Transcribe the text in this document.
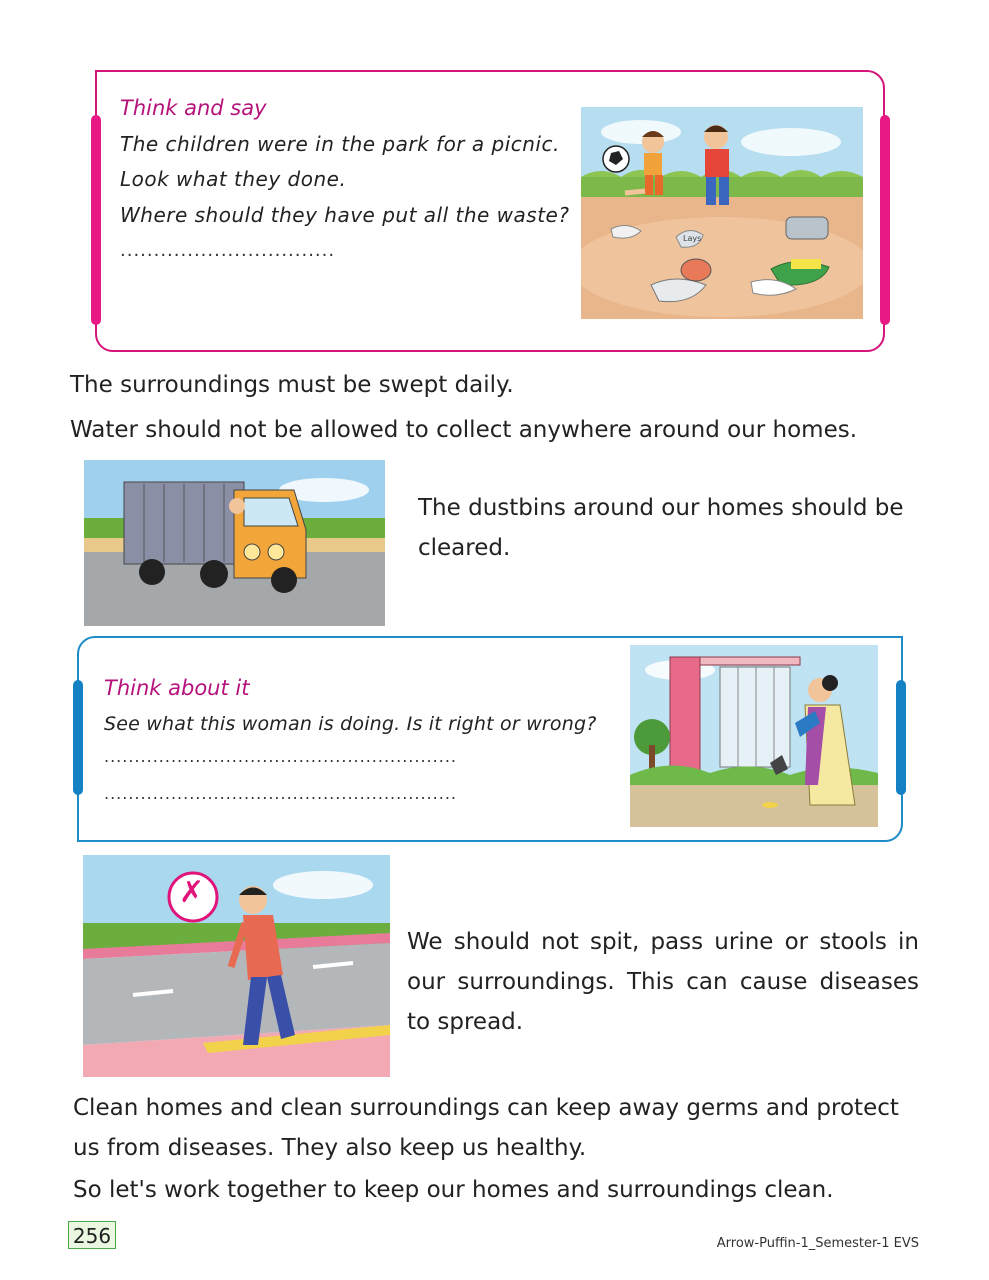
Think and say
The children were in the park for a picnic.
Look what they done.
Where should they have put all the waste?
................................
Lays
The surroundings must be swept daily.
Water should not be allowed to collect anywhere around our homes.
The dustbins around our homes should be cleared.
Think about it
See what this woman is doing. Is it right or wrong?
..........................................................
..........................................................
✗
We should not spit, pass urine or stools in our surroundings. This can cause diseases to spread.
Clean homes and clean surroundings can keep away germs and protect us from diseases. They also keep us healthy.
So let's work together to keep our homes and surroundings clean.
256	Arrow-Puffin-1_Semester-1 EVS
